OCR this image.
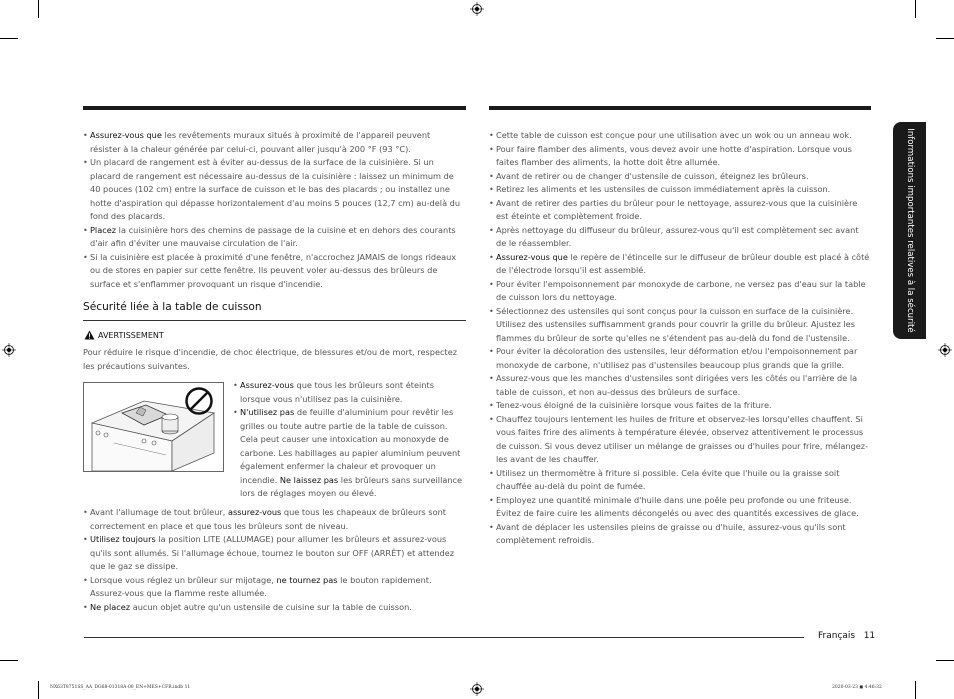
Informations importantes relatives à la sécurité
• Assurez-vous que les revêtements muraux situés à proximité de l'appareil peuvent résister à la chaleur générée par celui-ci, pouvant aller jusqu'à 200 °F (93 °C).
• Un placard de rangement est à éviter au-dessus de la surface de la cuisinière. Si un placard de rangement est nécessaire au-dessus de la cuisinière : laissez un minimum de 40 pouces (102 cm) entre la surface de cuisson et le bas des placards ; ou installez une hotte d'aspiration qui dépasse horizontalement d'au moins 5 pouces (12,7 cm) au-delà du fond des placards.
• Placez la cuisinière hors des chemins de passage de la cuisine et en dehors des courants d'air afin d'éviter une mauvaise circulation de l'air.
• Si la cuisinière est placée à proximité d'une fenêtre, n'accrochez JAMAIS de longs rideaux ou de stores en papier sur cette fenêtre. Ils peuvent voler au-dessus des brûleurs de surface et s'enflammer provoquant un risque d'incendie.
Sécurité liée à la table de cuisson
AVERTISSEMENT

Pour réduire le risque d'incendie, de choc électrique, de blessures et/ou de mort, respectez les précautions suivantes.

• Assurez-vous que tous les brûleurs sont éteints lorsque vous n'utilisez pas la cuisinière.
• N'utilisez pas de feuille d'aluminium pour revêtir les grilles ou toute autre partie de la table de cuisson. Cela peut causer une intoxication au monoxyde de carbone. Les habillages au papier aluminium peuvent également enfermer la chaleur et provoquer un incendie. Ne laissez pas les brûleurs sans surveillance lors de réglages moyen ou élevé.
• Avant l'allumage de tout brûleur, assurez-vous que tous les chapeaux de brûleurs sont correctement en place et que tous les brûleurs sont de niveau.
• Utilisez toujours la position LITE (ALLUMAGE) pour allumer les brûleurs et assurez-vous qu'ils sont allumés. Si l'allumage échoue, tournez le bouton sur OFF (ARRÊT) et attendez que le gaz se dissipe.
• Lorsque vous réglez un brûleur sur mijotage, ne tournez pas le bouton rapidement. Assurez-vous que la flamme reste allumée.
• Ne placez aucun objet autre qu'un ustensile de cuisine sur la table de cuisson.
• Cette table de cuisson est conçue pour une utilisation avec un wok ou un anneau wok.
• Pour faire flamber des aliments, vous devez avoir une hotte d'aspiration. Lorsque vous faites flamber des aliments, la hotte doit être allumée.
• Avant de retirer ou de changer d'ustensile de cuisson, éteignez les brûleurs.
• Retirez les aliments et les ustensiles de cuisson immédiatement après la cuisson.
• Avant de retirer des parties du brûleur pour le nettoyage, assurez-vous que la cuisinière est éteinte et complètement froide.
• Après nettoyage du diffuseur du brûleur, assurez-vous qu'il est complètement sec avant de le réassembler.
• Assurez-vous que le repère de l'étincelle sur le diffuseur de brûleur double est placé à côté de l'électrode lorsqu'il est assemblé.
• Pour éviter l'empoisonnement par monoxyde de carbone, ne versez pas d'eau sur la table de cuisson lors du nettoyage.
• Sélectionnez des ustensiles qui sont conçus pour la cuisson en surface de la cuisinière. Utilisez des ustensiles suffisamment grands pour couvrir la grille du brûleur. Ajustez les flammes du brûleur de sorte qu'elles ne s'étendent pas au-delà du fond de l'ustensile.
• Pour éviter la décoloration des ustensiles, leur déformation et/ou l'empoisonnement par monoxyde de carbone, n'utilisez pas d'ustensiles beaucoup plus grands que la grille.
• Assurez-vous que les manches d'ustensiles sont dirigées vers les côtés ou l'arrière de la table de cuisson, et non au-dessus des brûleurs de surface.
• Tenez-vous éloigné de la cuisinière lorsque vous faites de la friture.
• Chauffez toujours lentement les huiles de friture et observez-les lorsqu'elles chauffent. Si vous faites frire des aliments à température élevée, observez attentivement le processus de cuisson. Si vous devez utiliser un mélange de graisses ou d'huiles pour frire, mélangez-les avant de les chauffer.
• Utilisez un thermomètre à friture si possible. Cela évite que l'huile ou la graisse soit chauffée au-delà du point de fumée.
• Employez une quantité minimale d'huile dans une poêle peu profonde ou une friteuse. Évitez de faire cuire les aliments décongelés ou avec des quantités excessives de glace.
• Avant de déplacer les ustensiles pleins de graisse ou d'huile, assurez-vous qu'ils sont complètement refroidis.
Français 11
NX63T8751SS_AA_DG68-01318A-00_EN+MES+CFR.indb 11	2020-03-23 ◼ 4:46:32
